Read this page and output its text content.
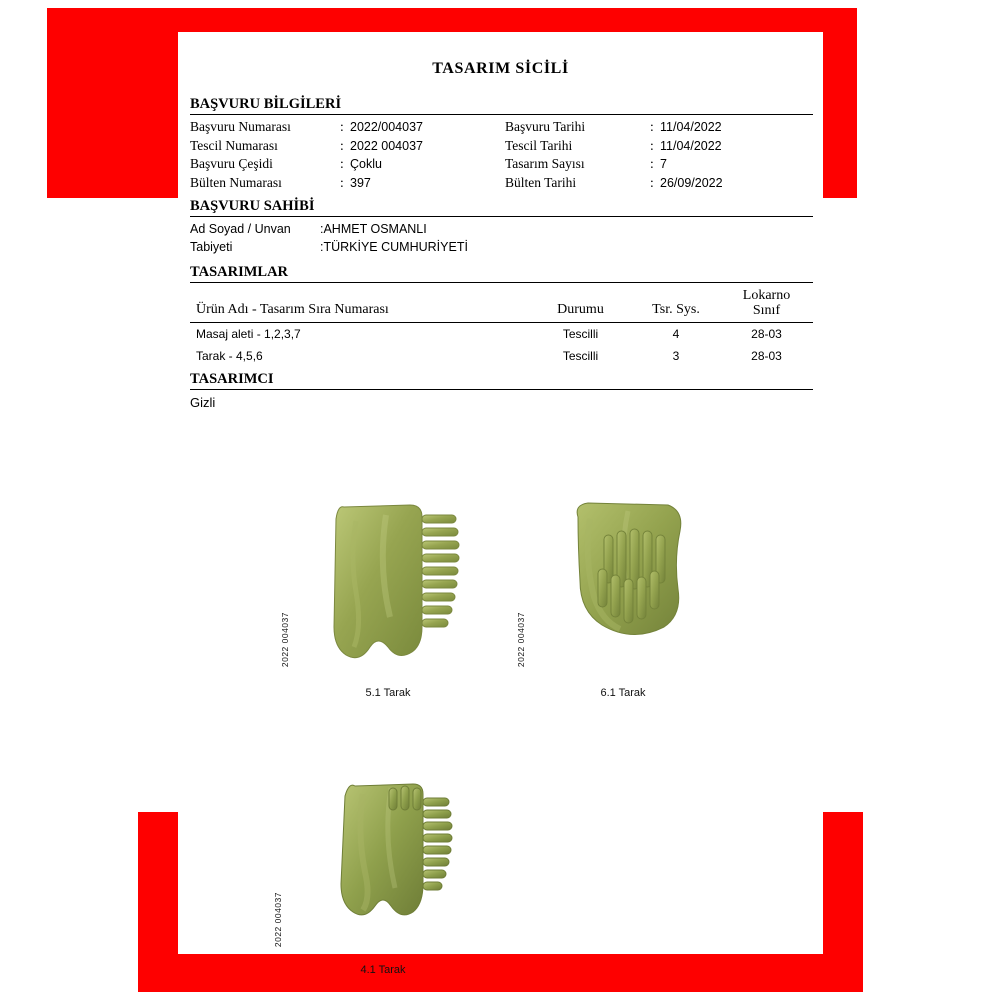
TASARIM SİCİLİ
BAŞVURU BİLGİLERİ
Başvuru Numarası	: 2022/004037	Başvuru Tarihi	: 11/04/2022
Tescil Numarası	: 2022 004037	Tescil Tarihi	: 11/04/2022
Başvuru Çeşidi	: Çoklu	Tasarım Sayısı	: 7
Bülten Numarası	: 397	Bülten Tarihi	: 26/09/2022
BAŞVURU SAHİBİ
Ad Soyad / Unvan	:AHMET OSMANLI
Tabiyeti	:TÜRKİYE CUMHURİYETİ
TASARIMLAR
Ürün Adı - Tasarım Sıra Numarası	Durumu	Tsr. Sys.	Lokarno
Sınıf
Masaj aleti - 1,2,3,7	Tescilli	4	28-03
Tarak - 4,5,6	Tescilli	3	28-03
TASARIMCI
Gizli
2022 004037
5.1 Tarak
2022 004037
6.1 Tarak
2022 004037
4.1 Tarak
